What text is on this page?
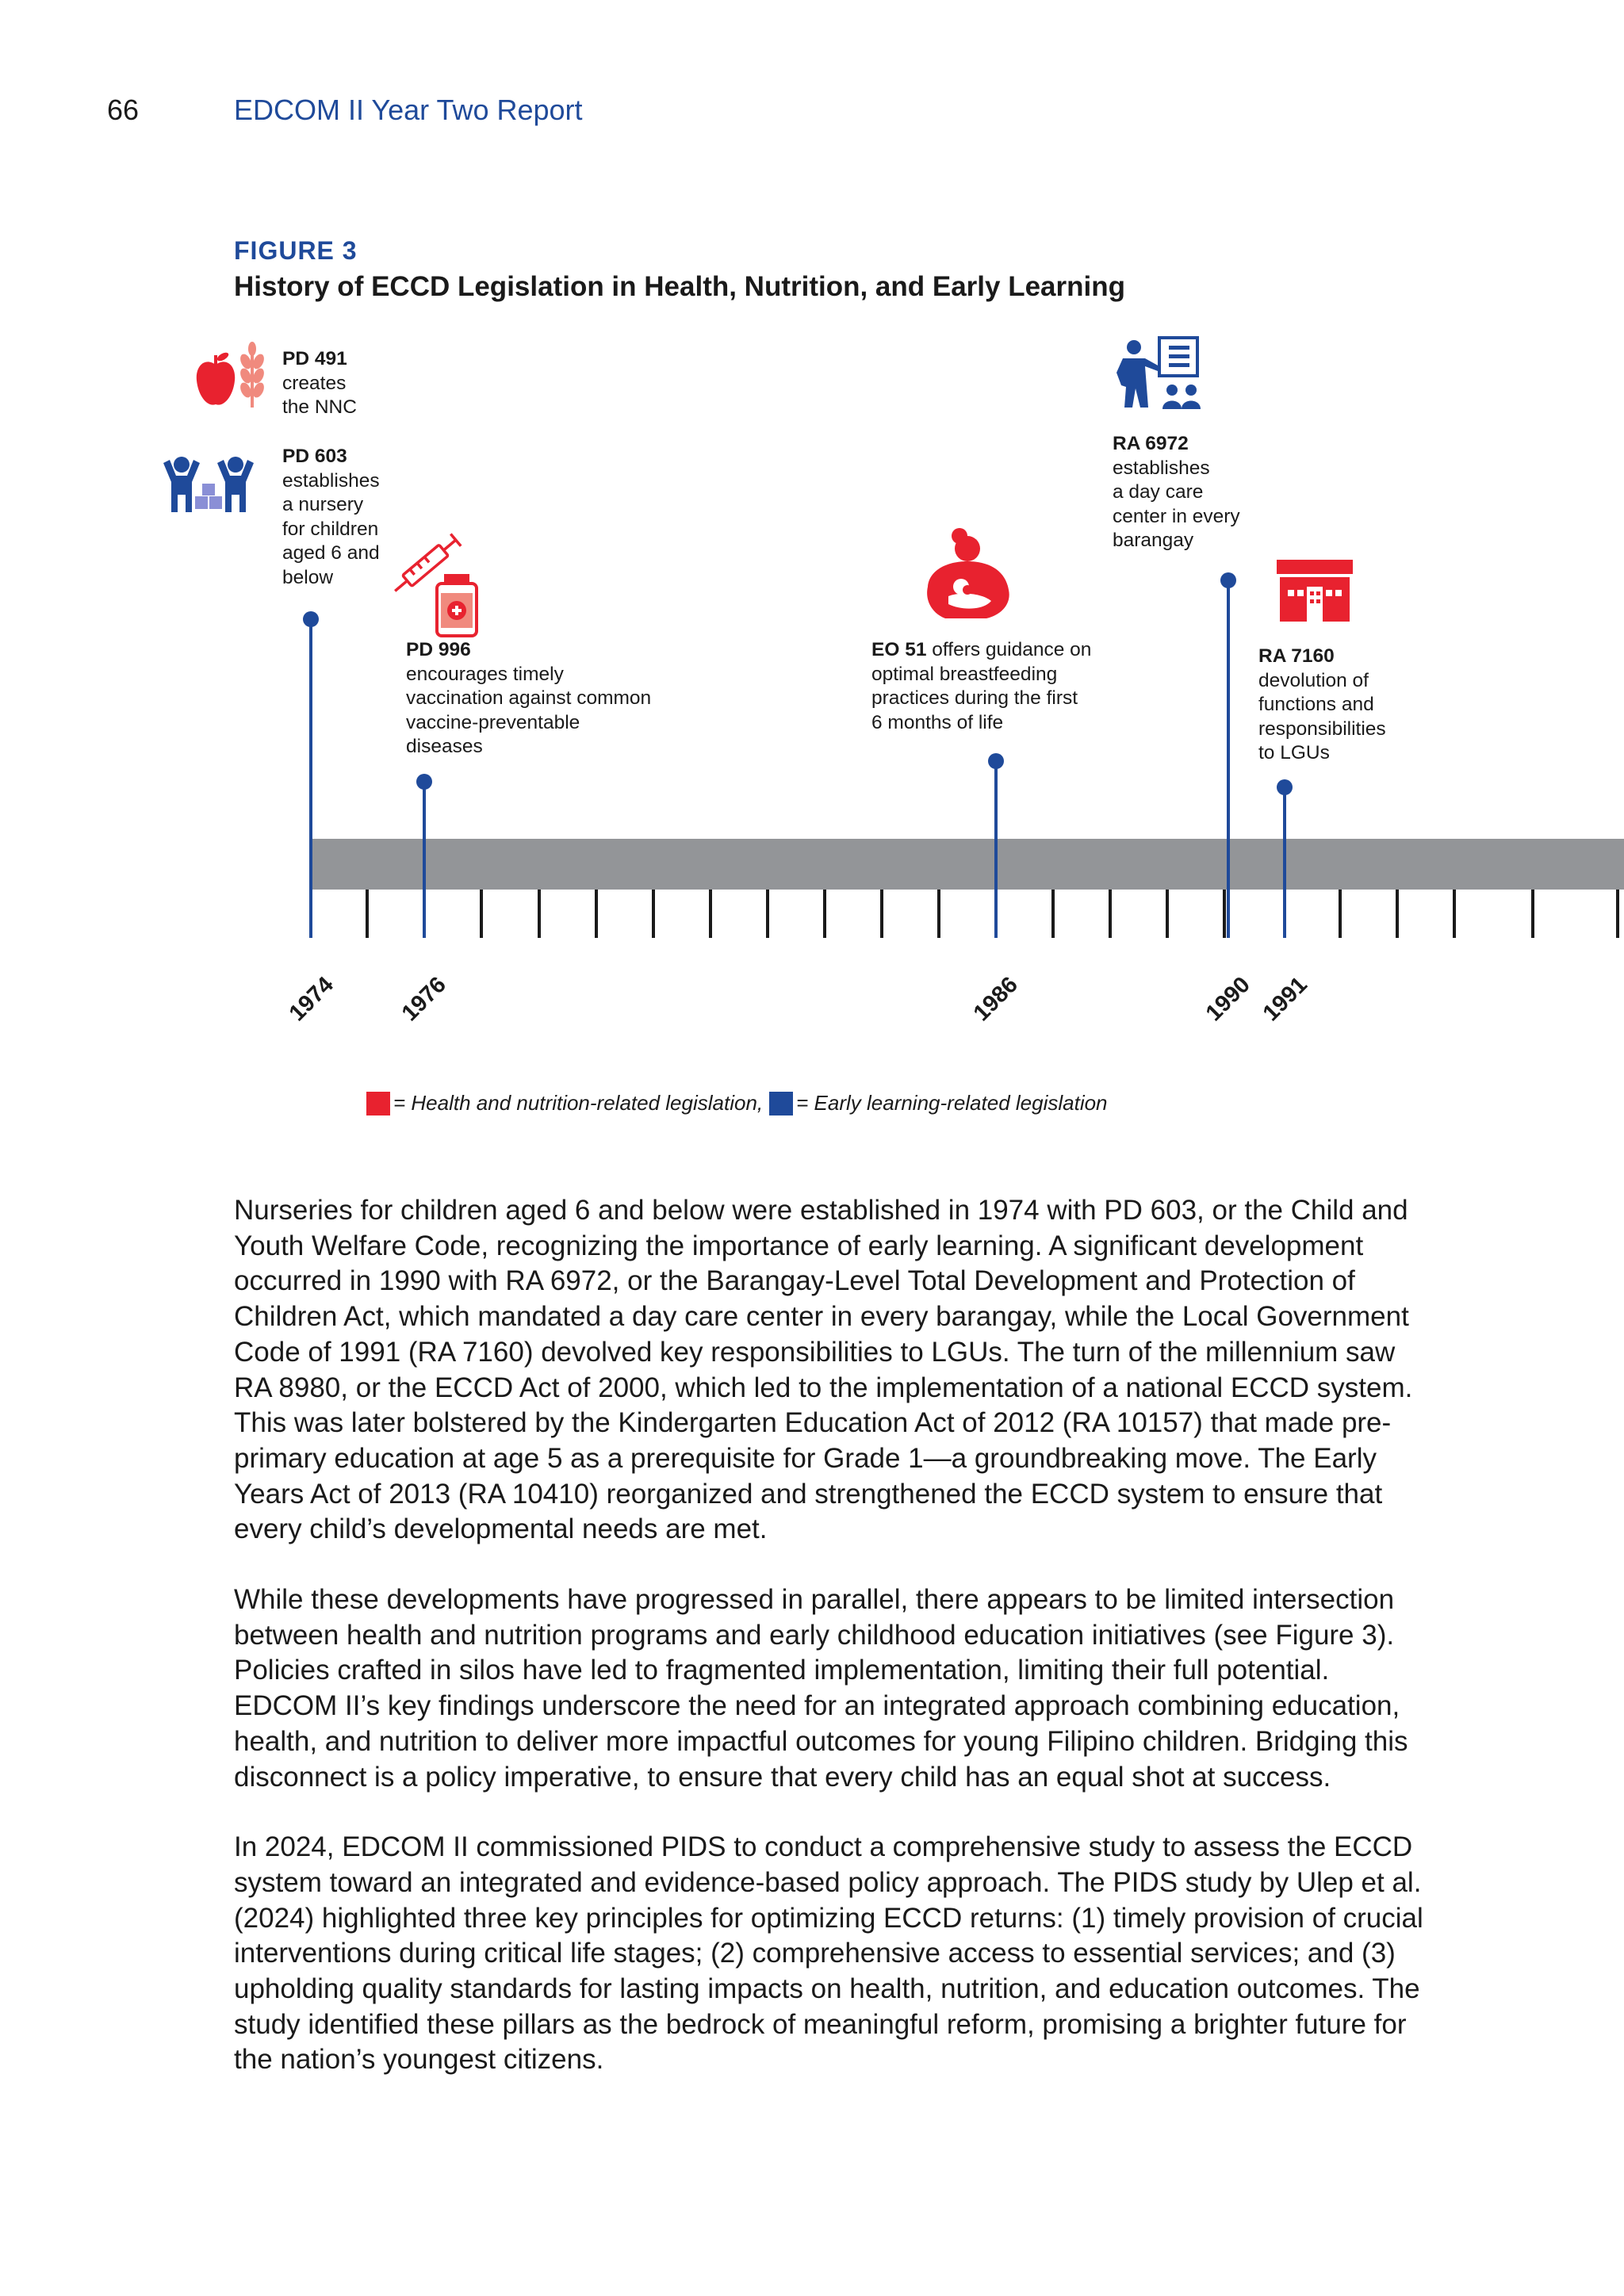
66	EDCOM II Year Two Report
FIGURE 3
History of ECCD Legislation in Health, Nutrition, and Early Learning
PD 491
creates
the NNC
PD 603
establishes
a nursery
for children
aged 6 and
below
PD 996
encourages timely
vaccination against common
vaccine-preventable
diseases
EO 51 offers guidance on
optimal breastfeeding
practices during the first
6 months of life
RA 6972
establishes
a day care
center in every
barangay
RA 7160
devolution of
functions and
responsibilities
to LGUs
1974	1976	1986	1990 1991
= Health and nutrition-related legislation, = Early learning-related legislation

Nurseries for children aged 6 and below were established in 1974 with PD 603, or the Child and Youth Welfare Code, recognizing the importance of early learning. A significant development occurred in 1990 with RA 6972, or the Barangay-Level Total Development and Protection of Children Act, which mandated a day care center in every barangay, while the Local Government Code of 1991 (RA 7160) devolved key responsibilities to LGUs. The turn of the millennium saw RA 8980, or the ECCD Act of 2000, which led to the implementation of a national ECCD system. This was later bolstered by the Kindergarten Education Act of 2012 (RA 10157) that made pre-primary education at age 5 as a prerequisite for Grade 1—a groundbreaking move. The Early Years Act of 2013 (RA 10410) reorganized and strengthened the ECCD system to ensure that every child’s developmental needs are met.

While these developments have progressed in parallel, there appears to be limited intersection between health and nutrition programs and early childhood education initiatives (see Figure 3). Policies crafted in silos have led to fragmented implementation, limiting their full potential. EDCOM II’s key findings underscore the need for an integrated approach combining education, health, and nutrition to deliver more impactful outcomes for young Filipino children. Bridging this disconnect is a policy imperative, to ensure that every child has an equal shot at success.

In 2024, EDCOM II commissioned PIDS to conduct a comprehensive study to assess the ECCD system toward an integrated and evidence-based policy approach. The PIDS study by Ulep et al. (2024) highlighted three key principles for optimizing ECCD returns: (1) timely provision of crucial interventions during critical life stages; (2) comprehensive access to essential services; and (3) upholding quality standards for lasting impacts on health, nutrition, and education outcomes. The study identified these pillars as the bedrock of meaningful reform, promising a brighter future for the nation’s youngest citizens.
